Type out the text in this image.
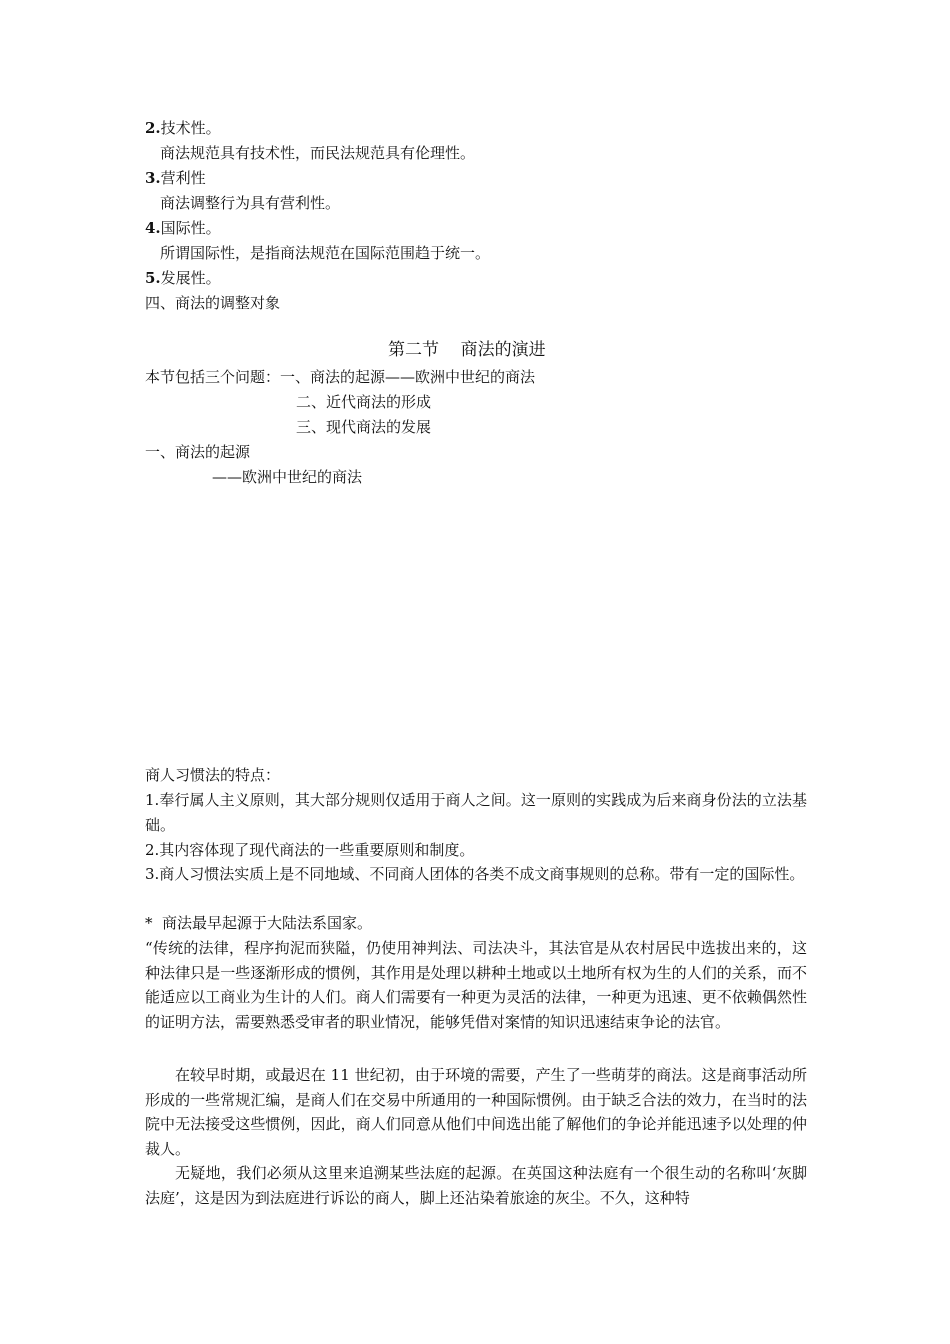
2.技术性。
商法规范具有技术性，而民法规范具有伦理性。
3.营利性
商法调整行为具有营利性。
4.国际性。
所谓国际性，是指商法规范在国际范围趋于统一。
5.发展性。
四、商法的调整对象
第二节    商法的演进
本节包括三个问题：一、商法的起源——欧洲中世纪的商法
二、近代商法的形成
三、现代商法的发展
一、商法的起源
——欧洲中世纪的商法
商人习惯法的特点：
1.奉行属人主义原则，其大部分规则仅适用于商人之间。这一原则的实践成为后来商身份法的立法基础。
2.其内容体现了现代商法的一些重要原则和制度。
3.商人习惯法实质上是不同地域、不同商人团体的各类不成文商事规则的总称。带有一定的国际性。
*  商法最早起源于大陆法系国家。
“传统的法律，程序拘泥而狭隘，仍使用神判法、司法决斗，其法官是从农村居民中选拔出来的，这种法律只是一些逐渐形成的惯例，其作用是处理以耕种土地或以土地所有权为生的人们的关系，而不能适应以工商业为生计的人们。商人们需要有一种更为灵活的法律，一种更为迅速、更不依赖偶然性的证明方法，需要熟悉受审者的职业情况，能够凭借对案情的知识迅速结束争论的法官。
在较早时期，或最迟在 11 世纪初，由于环境的需要，产生了一些萌芽的商法。这是商事活动所形成的一些常规汇编，是商人们在交易中所通用的一种国际惯例。由于缺乏合法的效力，在当时的法院中无法接受这些惯例，因此，商人们同意从他们中间选出能了解他们的争论并能迅速予以处理的仲裁人。
无疑地，我们必须从这里来追溯某些法庭的起源。在英国这种法庭有一个很生动的名称叫‘灰脚法庭’，这是因为到法庭进行诉讼的商人，脚上还沾染着旅途的灰尘。不久，这种特
